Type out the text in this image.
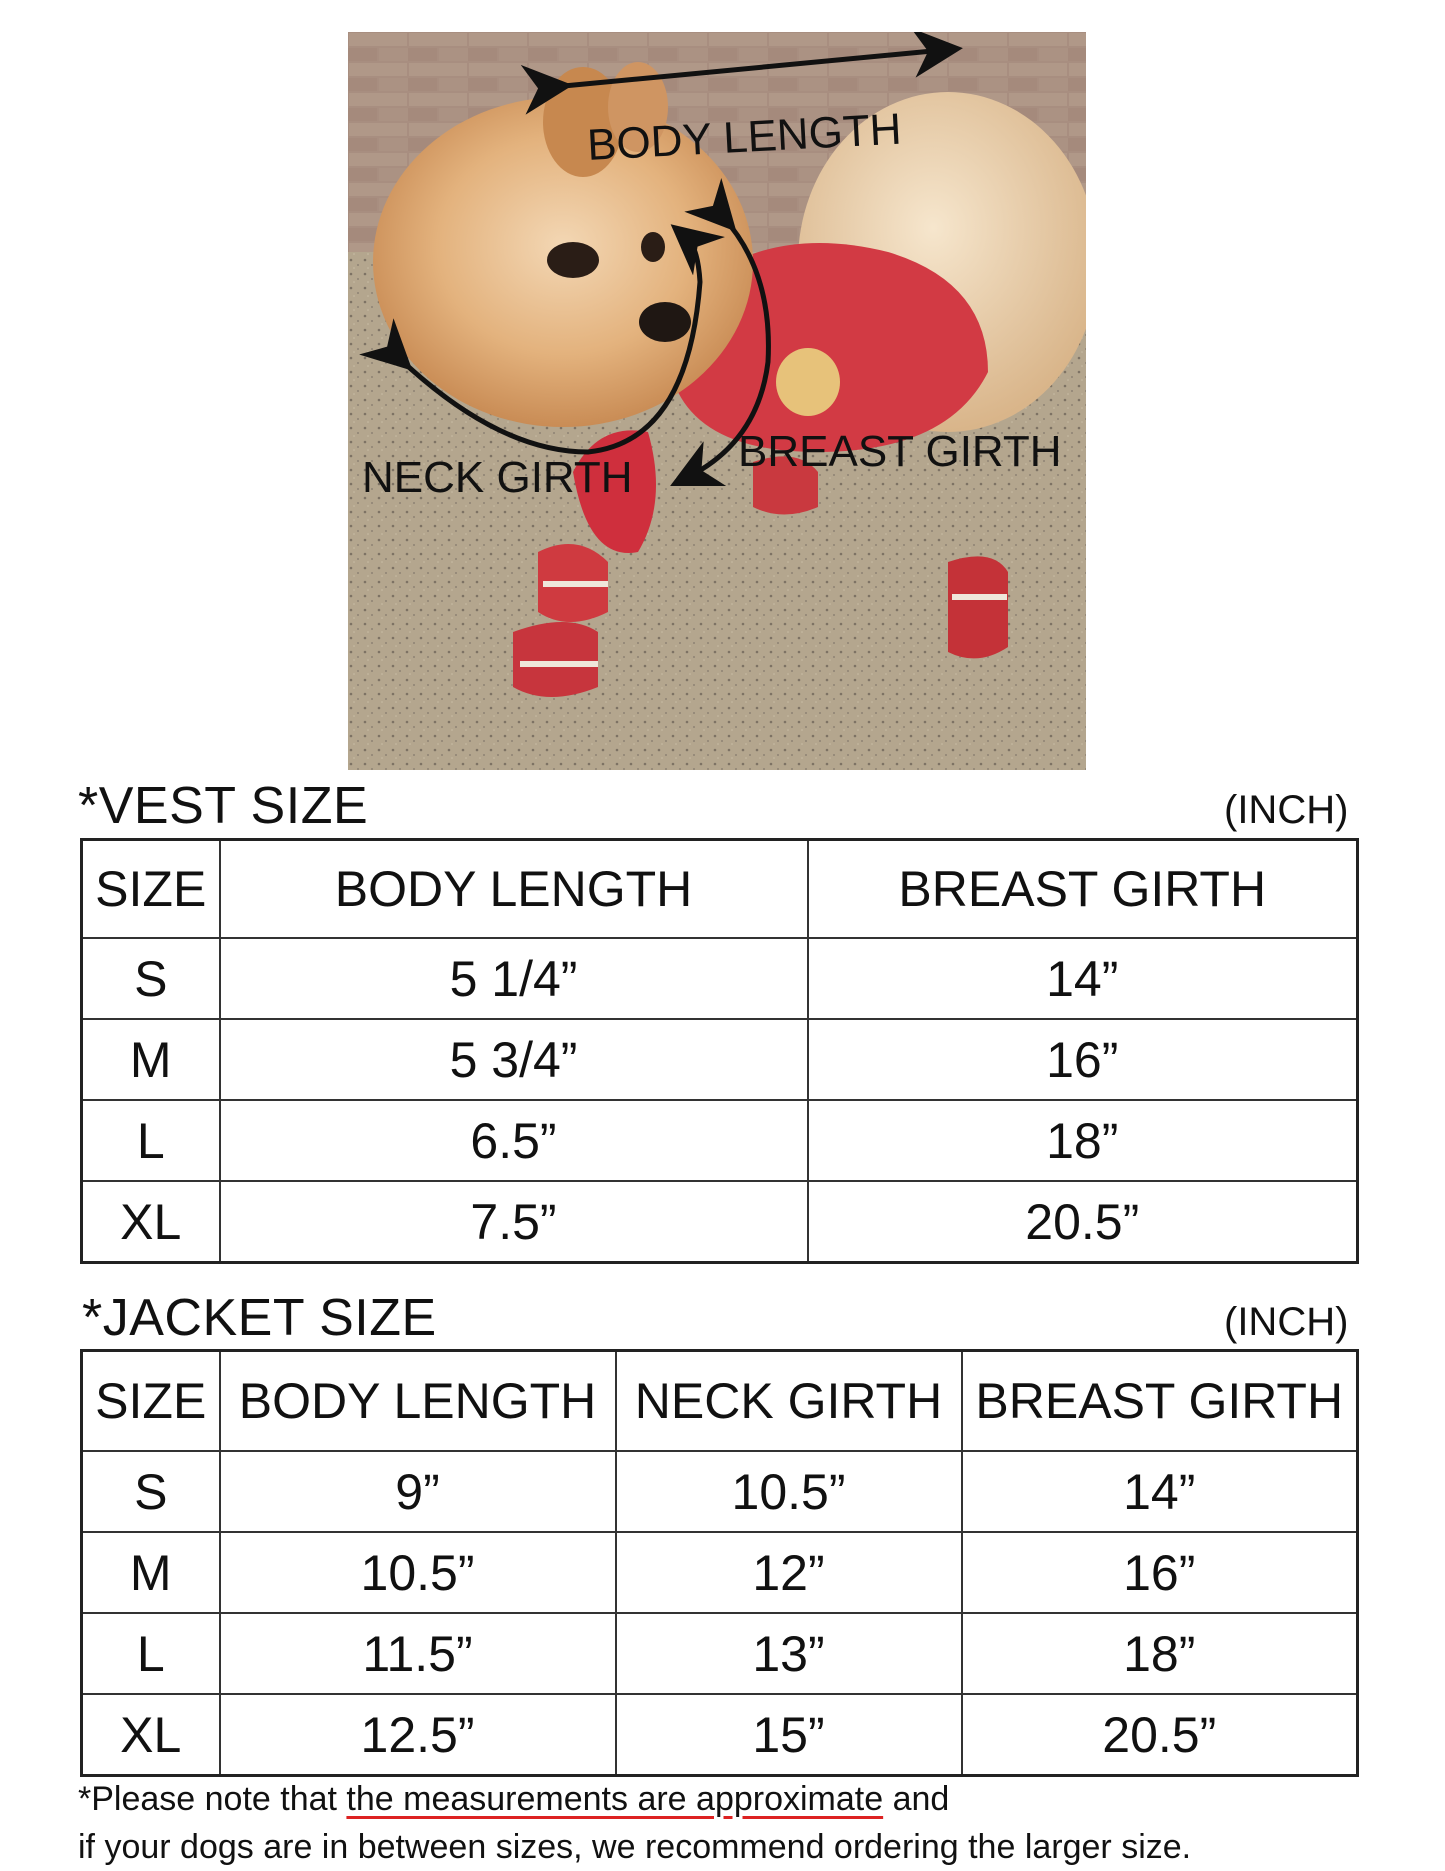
BODY LENGTH
NECK GIRTH
BREAST GIRTH
*VEST SIZE	(INCH)
SIZE	BODY LENGTH	BREAST GIRTH
S	5 1/4”	14”
M	5 3/4”	16”
L	6.5”	18”
XL	7.5”	20.5”
*JACKET SIZE	(INCH)
SIZE	BODY LENGTH	NECK GIRTH	BREAST GIRTH
S	9”	10.5”	14”
M	10.5”	12”	16”
L	11.5”	13”	18”
XL	12.5”	15”	20.5”
*Please note that the measurements are approximate and
if your dogs are in between sizes, we recommend ordering the larger size.
